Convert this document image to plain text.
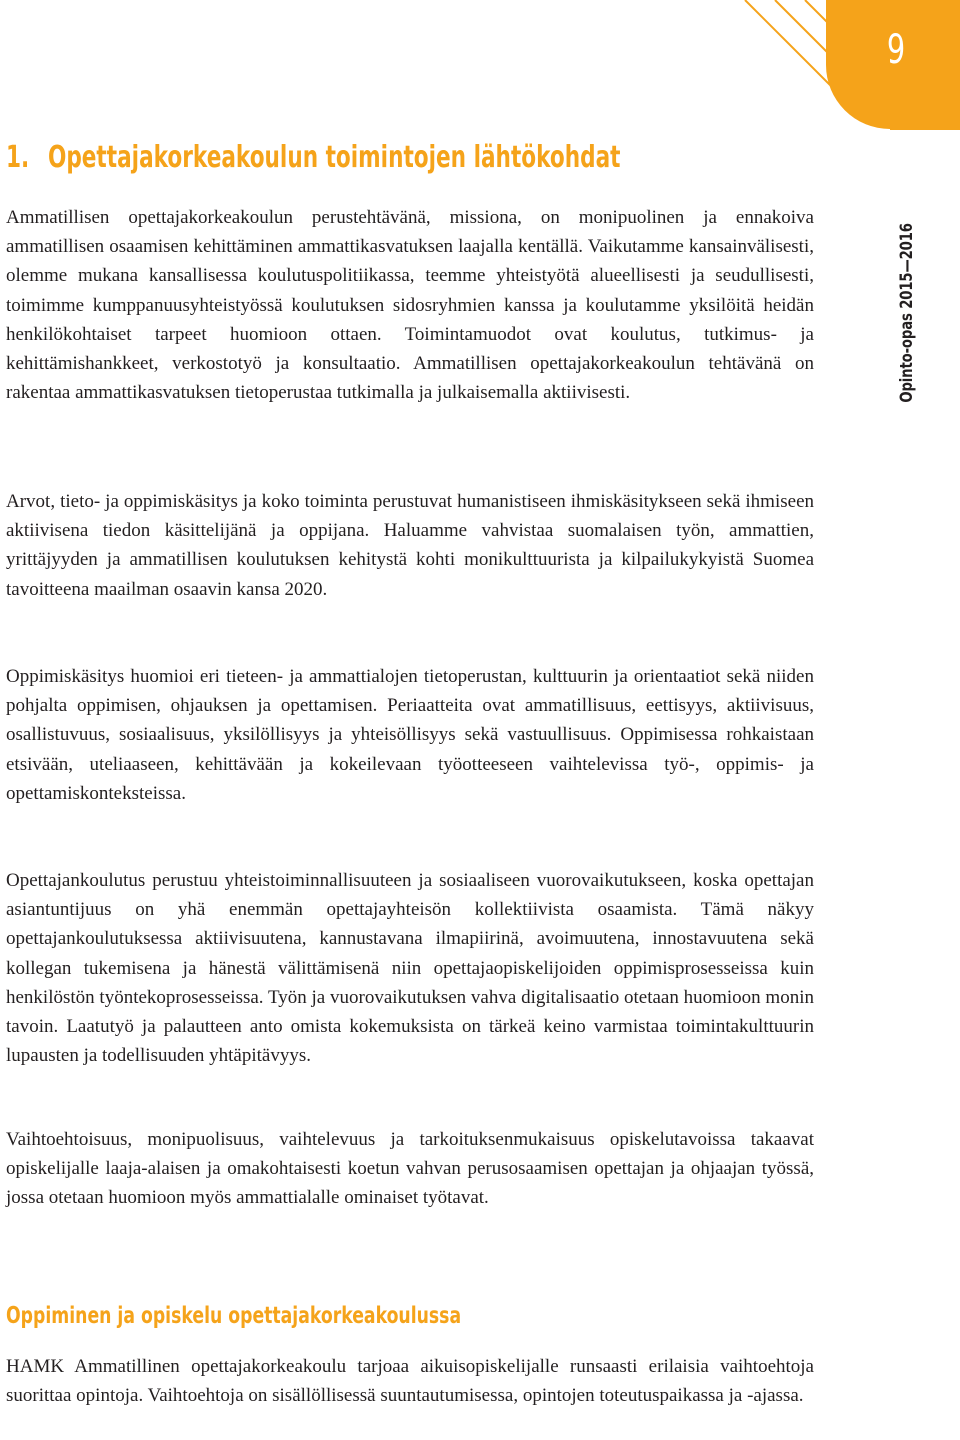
9
Opinto-opas 2015—2016
1. Opettajakorkeakoulun toimintojen lähtökohdat

Ammatillisen opettajakorkeakoulun perustehtävänä, missiona, on monipuolinen ja ennakoiva ammatillisen osaamisen kehittäminen ammattikasvatuksen laajalla kentällä. Vaikutamme kansainvälisesti, olemme mukana kansallisessa koulutuspolitiikassa, teemme yhteistyötä alueellisesti ja seudullisesti, toimimme kumppanuusyhteistyössä koulutuksen sidosryhmien kanssa ja koulutamme yksilöitä heidän henkilökohtaiset tarpeet huomioon ottaen. Toimintamuodot ovat koulutus, tutkimus- ja kehittämishankkeet, verkostotyö ja konsultaatio. Ammatillisen opettajakorkeakoulun tehtävänä on rakentaa ammattikasvatuksen tietoperustaa tutkimalla ja julkaisemalla aktiivisesti.

Arvot, tieto- ja oppimiskäsitys ja koko toiminta perustuvat humanistiseen ihmiskäsitykseen sekä ihmiseen aktiivisena tiedon käsittelijänä ja oppijana. Haluamme vahvistaa suomalaisen työn, ammattien, yrittäjyyden ja ammatillisen koulutuksen kehitystä kohti monikulttuurista ja kilpailukykyistä Suomea tavoitteena maailman osaavin kansa 2020.

Oppimiskäsitys huomioi eri tieteen- ja ammattialojen tietoperustan, kulttuurin ja orientaatiot sekä niiden pohjalta oppimisen, ohjauksen ja opettamisen. Periaatteita ovat ammatillisuus, eettisyys, aktiivisuus, osallistuvuus, sosiaalisuus, yksilöllisyys ja yhteisöllisyys sekä vastuullisuus. Oppimisessa rohkaistaan etsivään, uteliaaseen, kehittävään ja kokeilevaan työotteeseen vaihtelevissa työ-, oppimis- ja opettamiskonteksteissa.

Opettajankoulutus perustuu yhteistoiminnallisuuteen ja sosiaaliseen vuorovaikutukseen, koska opettajan asiantuntijuus on yhä enemmän opettajayhteisön kollektiivista osaamista. Tämä näkyy opettajankoulutuksessa aktiivisuutena, kannustavana ilmapiirinä, avoimuutena, innostavuutena sekä kollegan tukemisena ja hänestä välittämisenä niin opettajaopiskelijoiden oppimisprosesseissa kuin henkilöstön työntekoprosesseissa. Työn ja vuorovaikutuksen vahva digitalisaatio otetaan huomioon monin tavoin. Laatutyö ja palautteen anto omista kokemuksista on tärkeä keino varmistaa toimintakulttuurin lupausten ja todellisuuden yhtäpitävyys.

Vaihtoehtoisuus, monipuolisuus, vaihtelevuus ja tarkoituksenmukaisuus opiskelutavoissa takaavat opiskelijalle laaja-alaisen ja omakohtaisesti koetun vahvan perusosaamisen opettajan ja ohjaajan työssä, jossa otetaan huomioon myös ammattialalle ominaiset työtavat.

Oppiminen ja opiskelu opettajakorkeakoulussa

HAMK Ammatillinen opettajakorkeakoulu tarjoaa aikuisopiskelijalle runsaasti erilaisia vaihtoehtoja suorittaa opintoja. Vaihtoehtoja on sisällöllisessä suuntautumisessa, opintojen toteutuspaikassa ja -ajassa.
